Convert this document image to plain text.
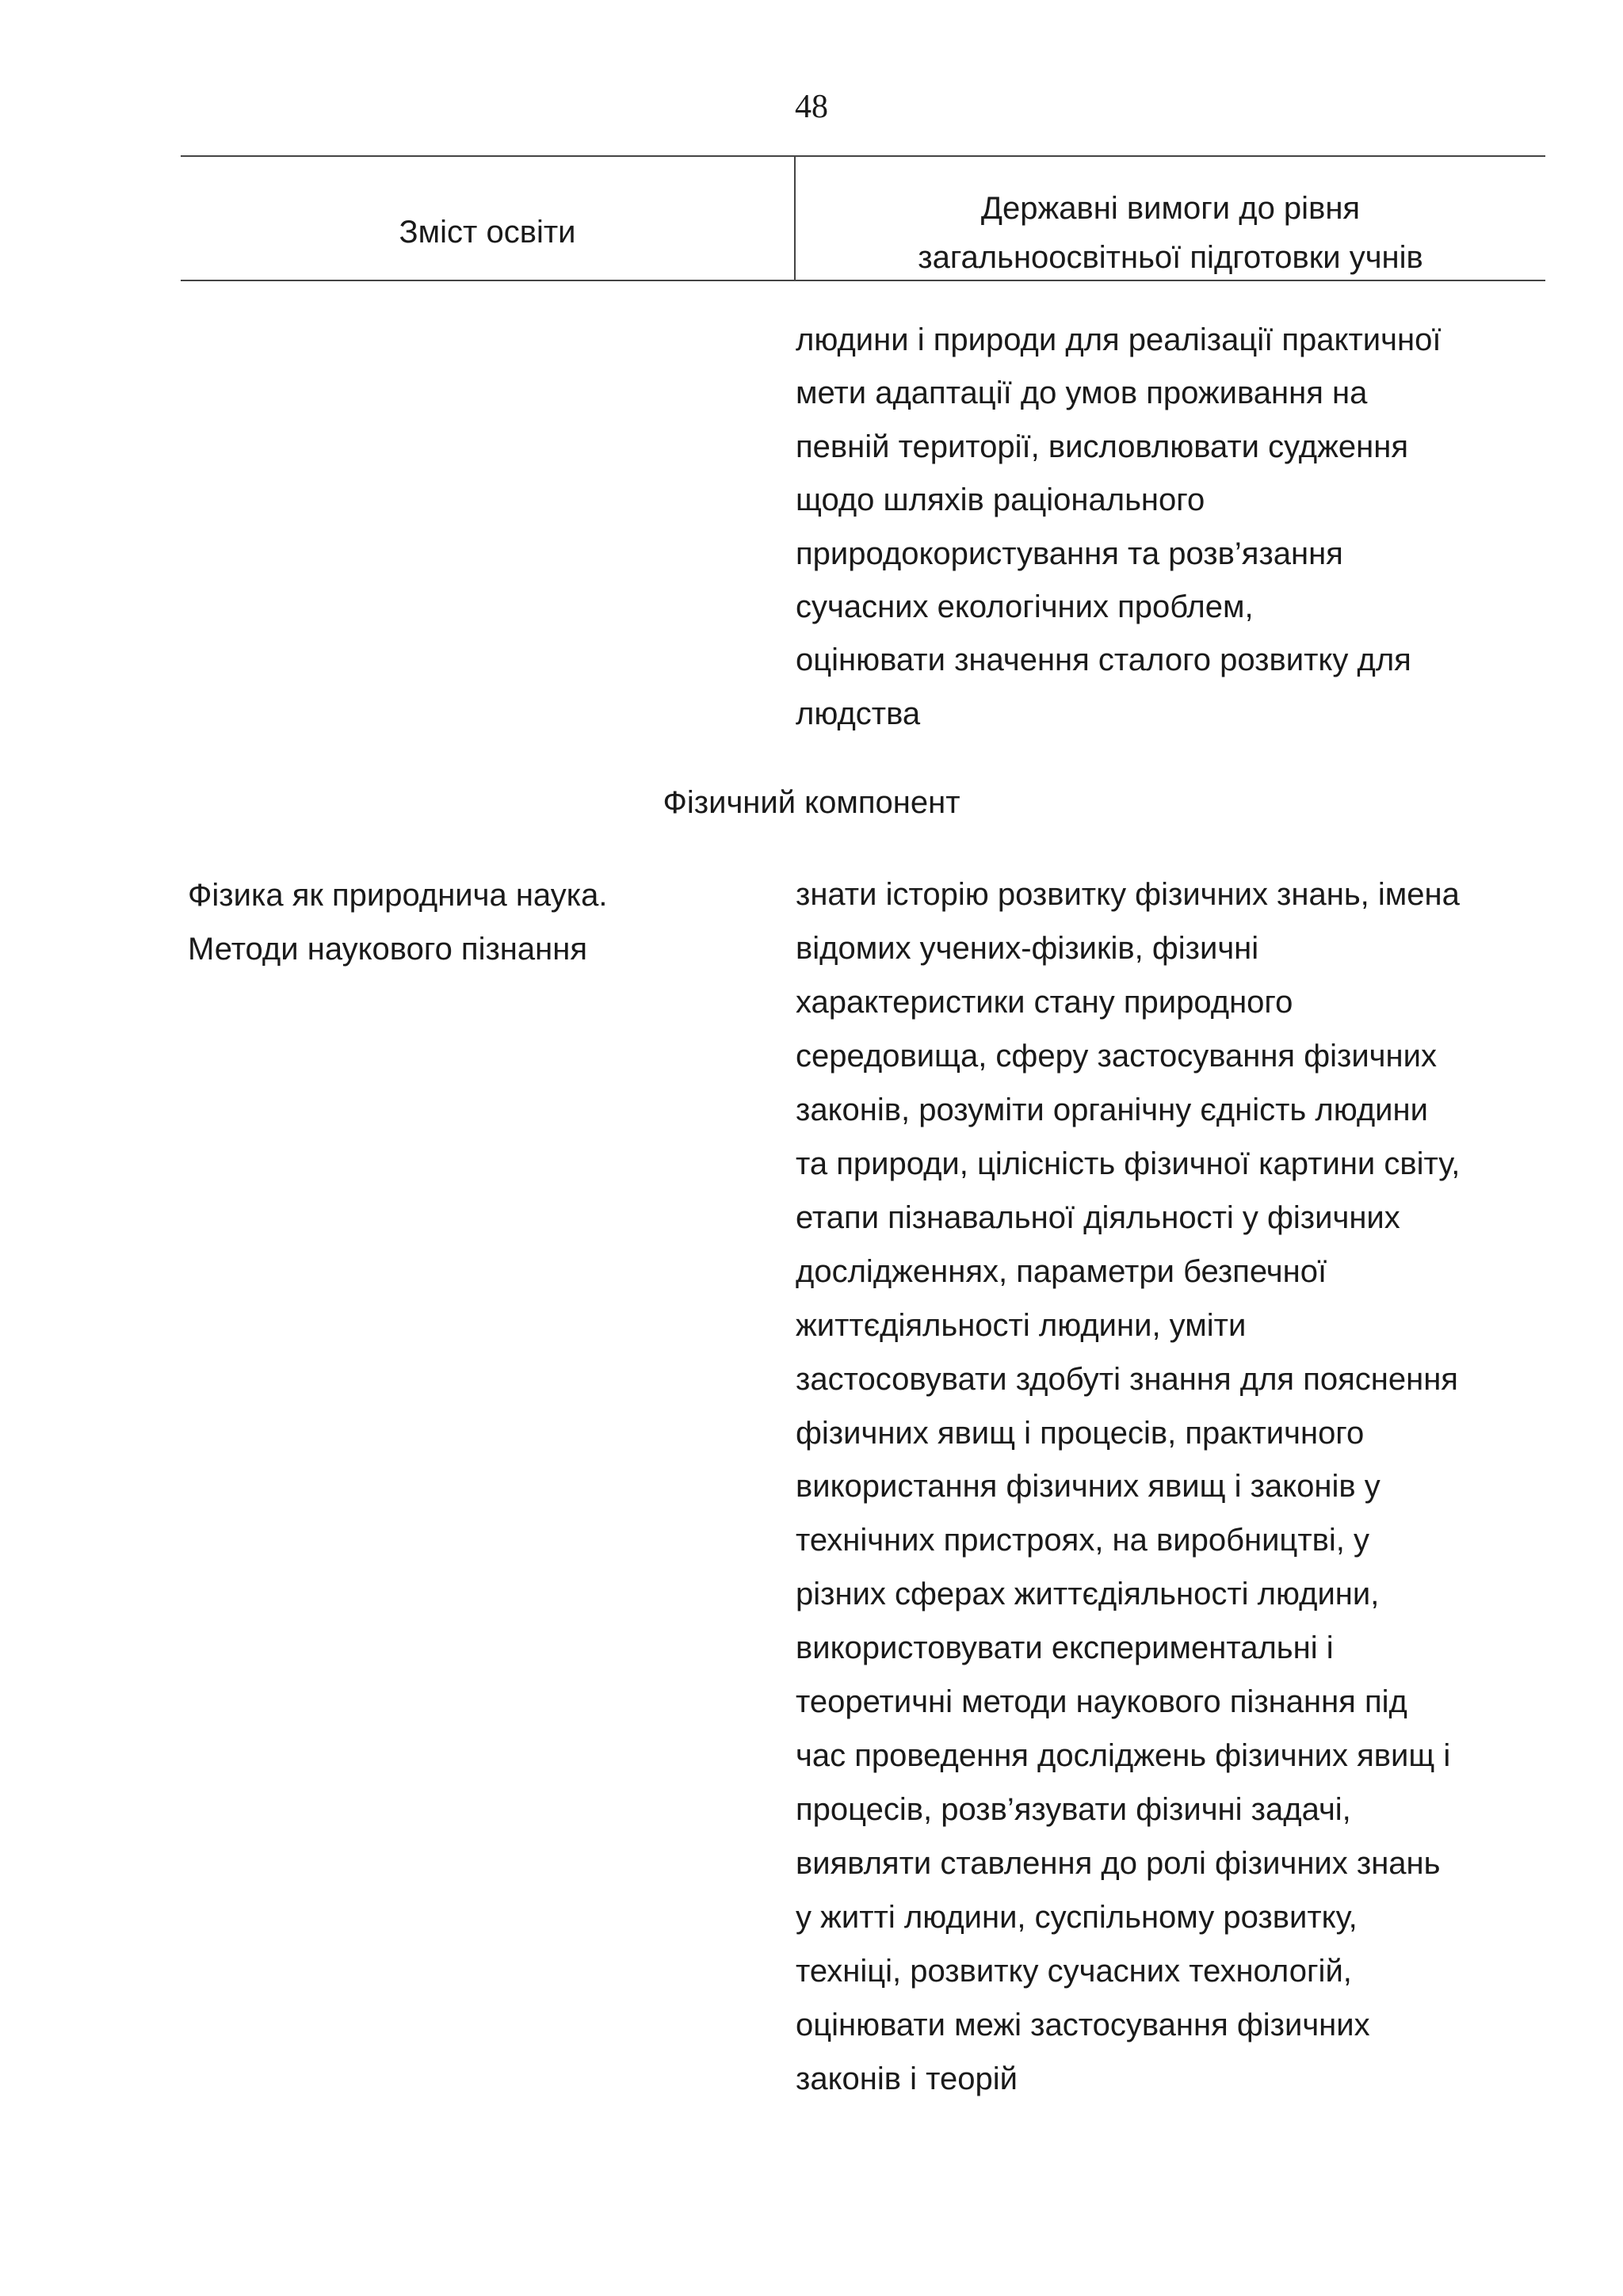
48
Зміст освіти
Державні вимоги до рівня
загальноосвітньої підготовки учнів
людини і природи для реалізації практичної
мети адаптації до умов проживання на
певній території, висловлювати судження
щодо шляхів раціонального
природокористування та розв’язання
сучасних екологічних проблем,
оцінювати значення сталого розвитку для
людства
Фізичний компонент
Фізика як природнича наука.
Методи наукового пізнання
знати історію розвитку фізичних знань, імена
відомих учених-фізиків, фізичні
характеристики стану природного
середовища, сферу застосування фізичних
законів, розуміти органічну єдність людини
та природи, цілісність фізичної картини світу,
етапи пізнавальної діяльності у фізичних
дослідженнях, параметри безпечної
життєдіяльності людини, уміти
застосовувати здобуті знання для пояснення
фізичних явищ і процесів, практичного
використання фізичних явищ і законів у
технічних пристроях, на виробництві, у
різних сферах життєдіяльності людини,
використовувати експериментальні і
теоретичні методи наукового пізнання під
час проведення досліджень фізичних явищ і
процесів, розв’язувати фізичні задачі,
виявляти ставлення до ролі фізичних знань
у житті людини, суспільному розвитку,
техніці, розвитку сучасних технологій,
оцінювати межі застосування фізичних
законів і теорій
